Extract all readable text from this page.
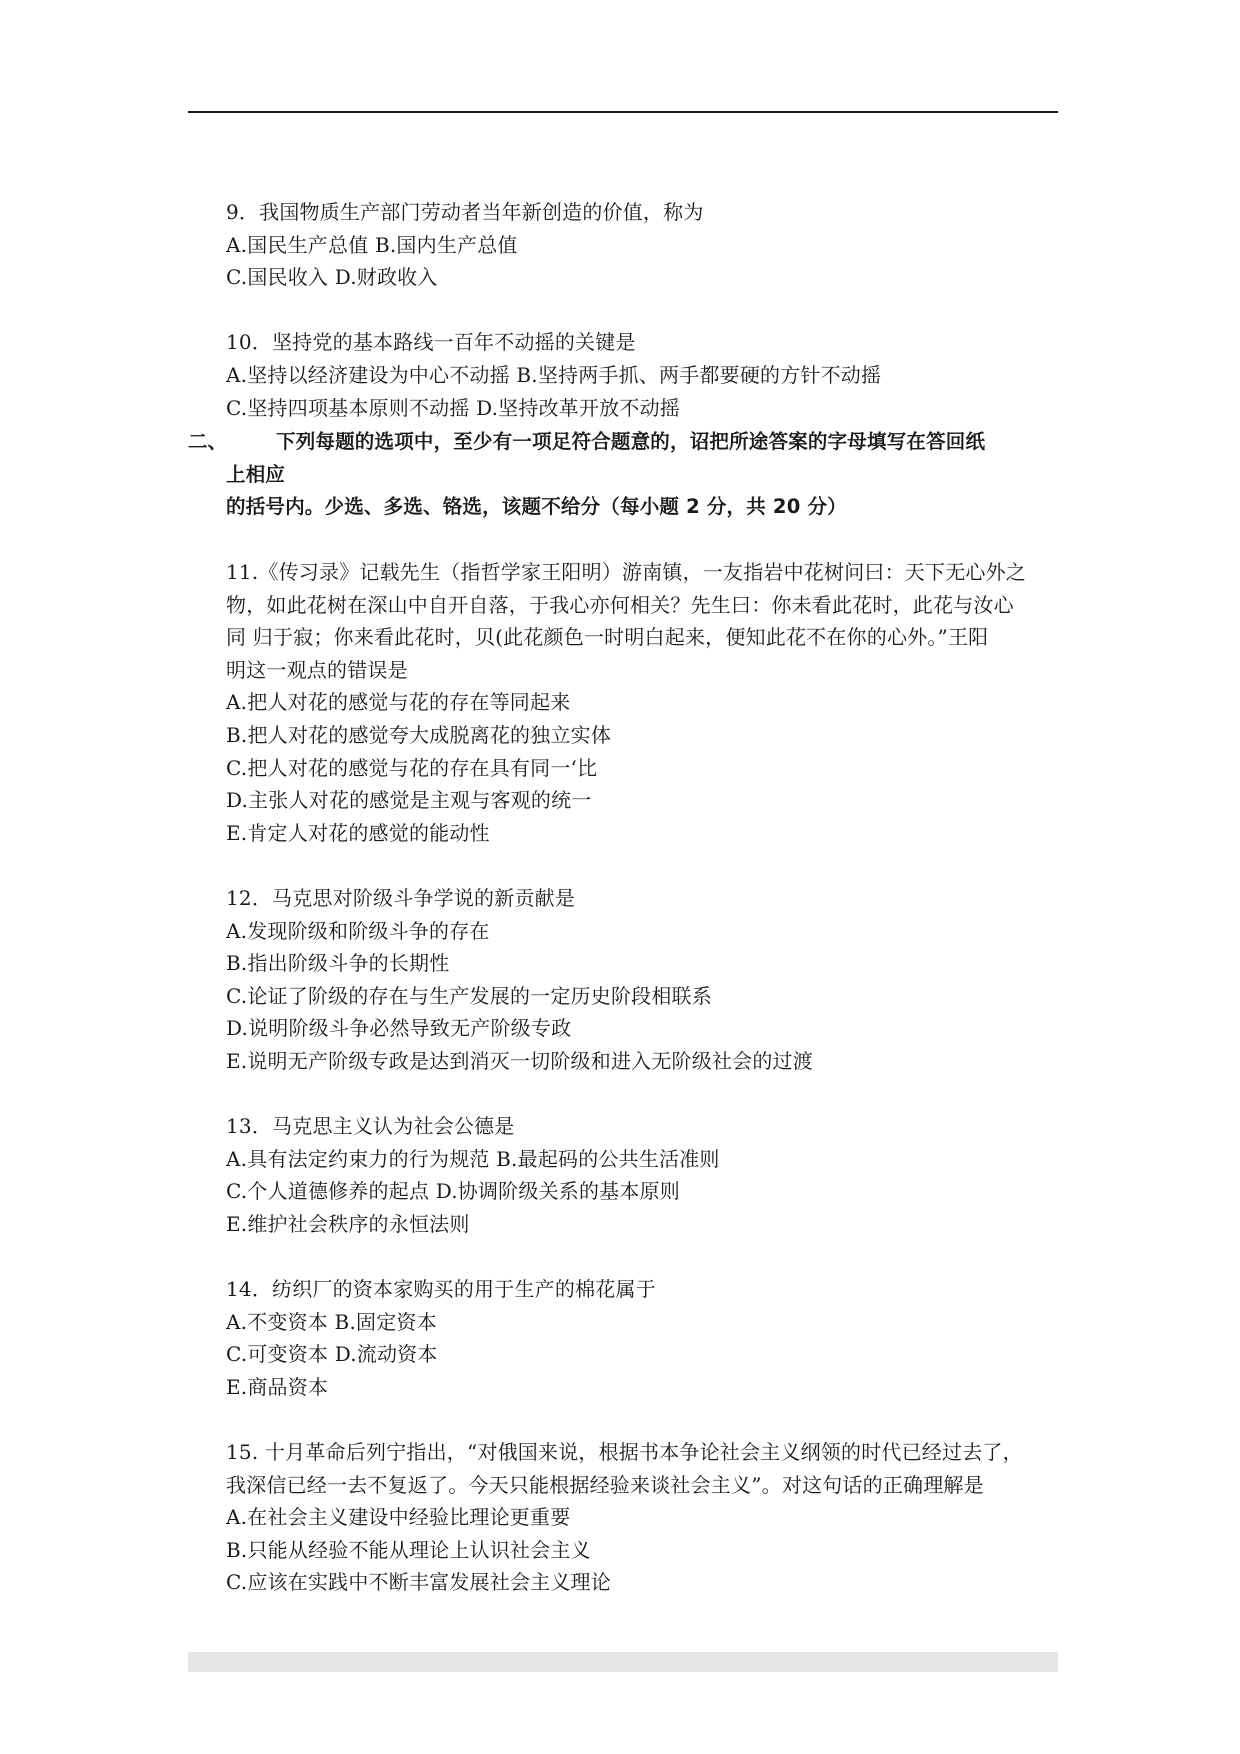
9．我国物质生产部门劳动者当年新创造的价值，称为
A.国民生产总值 B.国内生产总值
C.国民收入 D.财政收入
10．坚持党的基本路线一百年不动摇的关键是
A.坚持以经济建设为中心不动摇 B.坚持两手抓、两手都要硬的方针不动摇
C.坚持四项基本原则不动摇 D.坚持改革开放不动摇
二、	下列每题的选项中，至少有一项足符合题意的，诏把所途答案的字母填写在答回纸
上相应
的括号内。少选、多选、铬选，该题不给分（每小题 2 分，共 20 分）
11.《传习录》记载先生（指哲学家王阳明）游南镇，一友指岩中花树问曰：天下无心外之
物，如此花树在深山中自开自落，于我心亦何相关？先生曰：你未看此花时，此花与汝心
同 归于寂；你来看此花时，贝(此花颜色一时明白起来，便知此花不在你的心外。”王阳
明这一观点的错误是
A.把人对花的感觉与花的存在等同起来
B.把人对花的感觉夸大成脱离花的独立实体
C.把人对花的感觉与花的存在具有同一‘比
D.主张人对花的感觉是主观与客观的统一
E.肯定人对花的感觉的能动性
12．马克思对阶级斗争学说的新贡献是
A.发现阶级和阶级斗争的存在
B.指出阶级斗争的长期性
C.论证了阶级的存在与生产发展的一定历史阶段相联系
D.说明阶级斗争必然导致无产阶级专政
E.说明无产阶级专政是达到消灭一切阶级和进入无阶级社会的过渡
13．马克思主义认为社会公德是
A.具有法定约束力的行为规范 B.最起码的公共生活准则
C.个人道德修养的起点 D.协调阶级关系的基本原则
E.维护社会秩序的永恒法则
14．纺织厂的资本家购买的用于生产的棉花属于
A.不变资本 B.固定资本
C.可变资本 D.流动资本
E.商品资本
15. 十月革命后列宁指出，“对俄国来说，根据书本争论社会主义纲领的时代已经过去了，
我深信已经一去不复返了。今天只能根据经验来谈社会主义”。对这句话的正确理解是
A.在社会主义建设中经验比理论更重要
B.只能从经验不能从理论上认识社会主义
C.应该在实践中不断丰富发展社会主义理论
